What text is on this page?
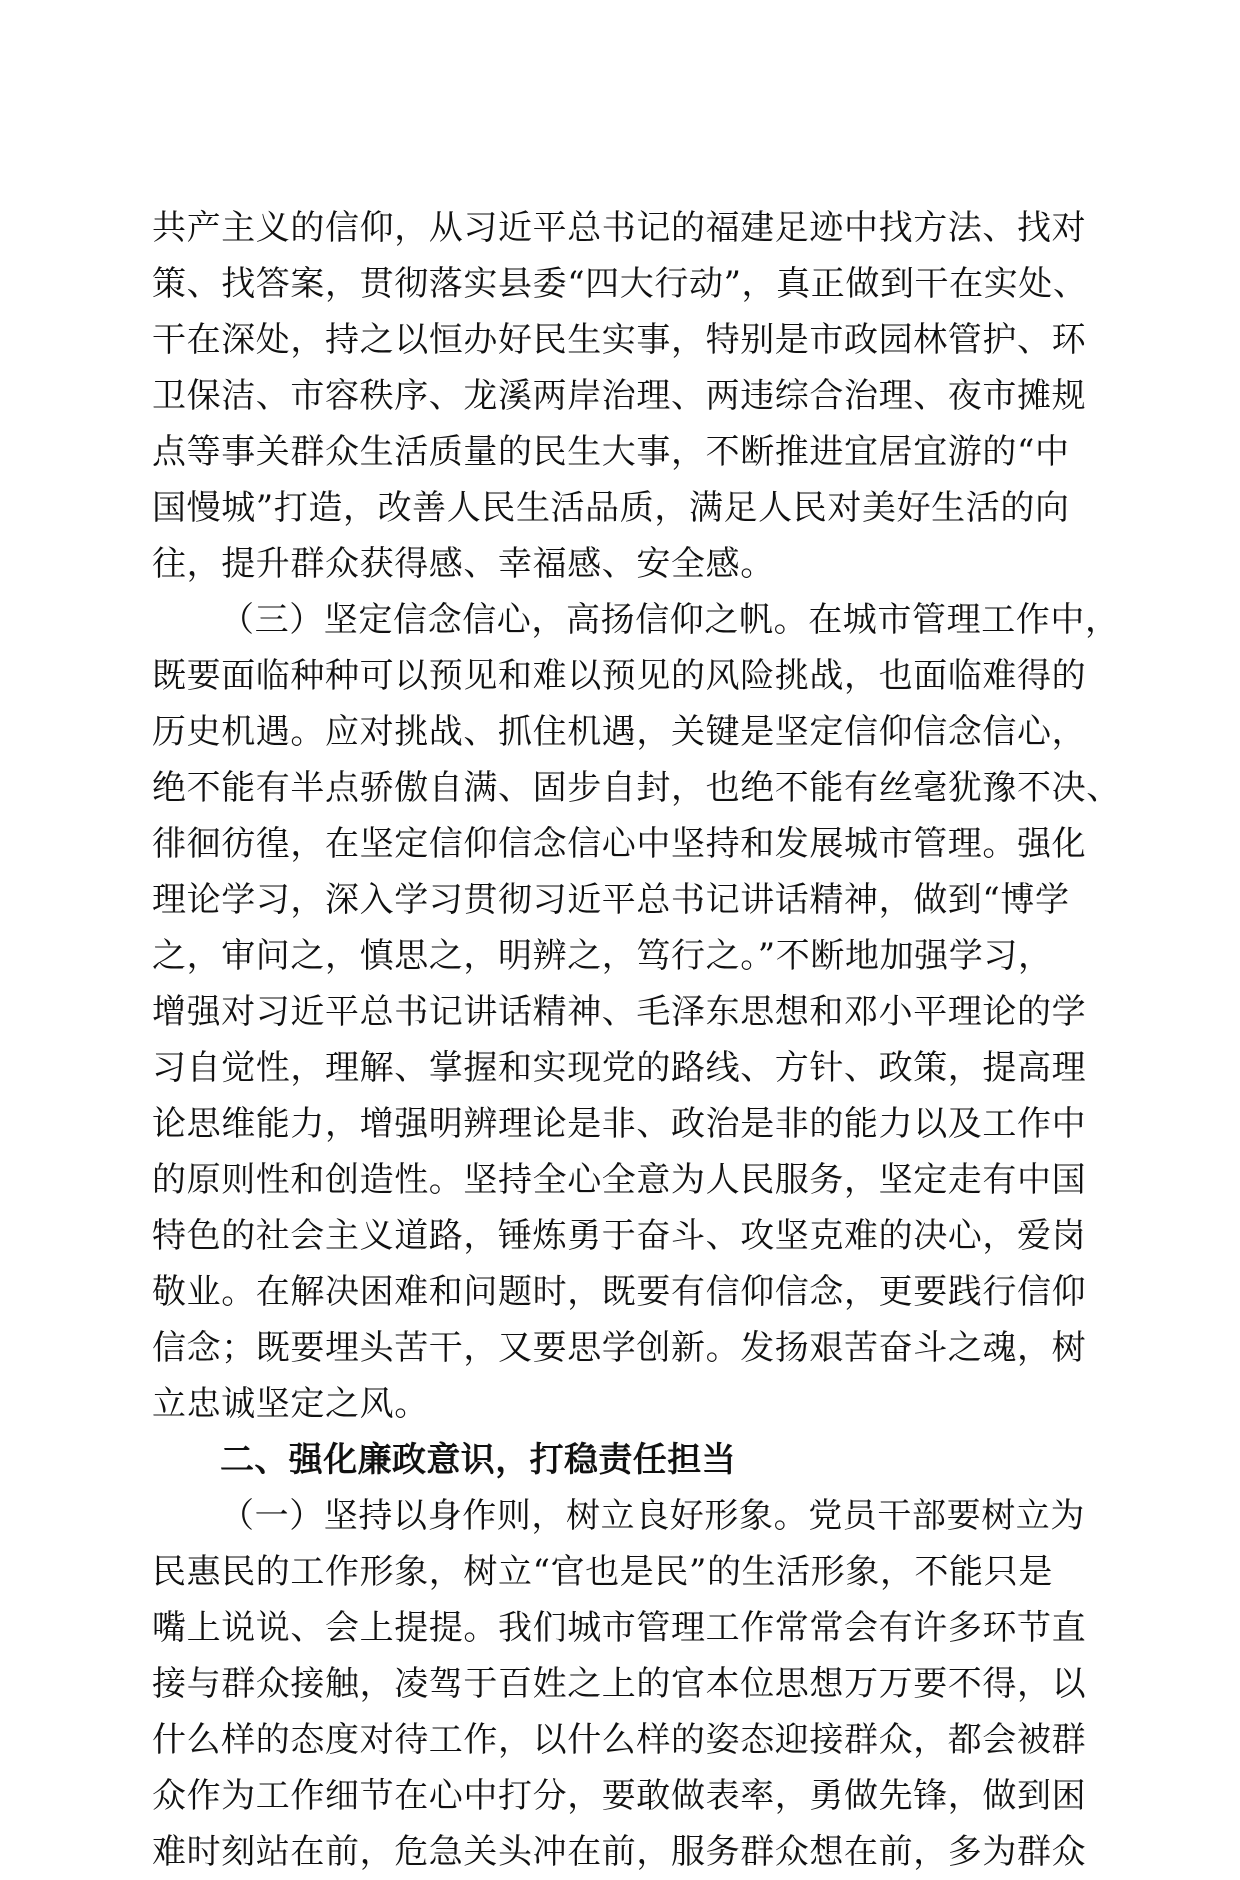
共产主义的信仰，从习近平总书记的福建足迹中找方法、找对
策、找答案，贯彻落实县委“四大行动”，真正做到干在实处、
干在深处，持之以恒办好民生实事，特别是市政园林管护、环
卫保洁、市容秩序、龙溪两岸治理、两违综合治理、夜市摊规
点等事关群众生活质量的民生大事，不断推进宜居宜游的“中
国慢城”打造，改善人民生活品质，满足人民对美好生活的向
往，提升群众获得感、幸福感、安全感。
（三）坚定信念信心，高扬信仰之帆。在城市管理工作中，
既要面临种种可以预见和难以预见的风险挑战，也面临难得的
历史机遇。应对挑战、抓住机遇，关键是坚定信仰信念信心，
绝不能有半点骄傲自满、固步自封，也绝不能有丝毫犹豫不决、
徘徊彷徨，在坚定信仰信念信心中坚持和发展城市管理。强化
理论学习，深入学习贯彻习近平总书记讲话精神，做到“博学
之，审问之，慎思之，明辨之，笃行之。”不断地加强学习，
增强对习近平总书记讲话精神、毛泽东思想和邓小平理论的学
习自觉性，理解、掌握和实现党的路线、方针、政策，提高理
论思维能力，增强明辨理论是非、政治是非的能力以及工作中
的原则性和创造性。坚持全心全意为人民服务，坚定走有中国
特色的社会主义道路，锤炼勇于奋斗、攻坚克难的决心，爱岗
敬业。在解决困难和问题时，既要有信仰信念，更要践行信仰
信念；既要埋头苦干，又要思学创新。发扬艰苦奋斗之魂，树
立忠诚坚定之风。
二、强化廉政意识，打稳责任担当
（一）坚持以身作则，树立良好形象。党员干部要树立为
民惠民的工作形象，树立“官也是民”的生活形象，不能只是
嘴上说说、会上提提。我们城市管理工作常常会有许多环节直
接与群众接触，凌驾于百姓之上的官本位思想万万要不得，以
什么样的态度对待工作，以什么样的姿态迎接群众，都会被群
众作为工作细节在心中打分，要敢做表率，勇做先锋，做到困
难时刻站在前，危急关头冲在前，服务群众想在前，多为群众
